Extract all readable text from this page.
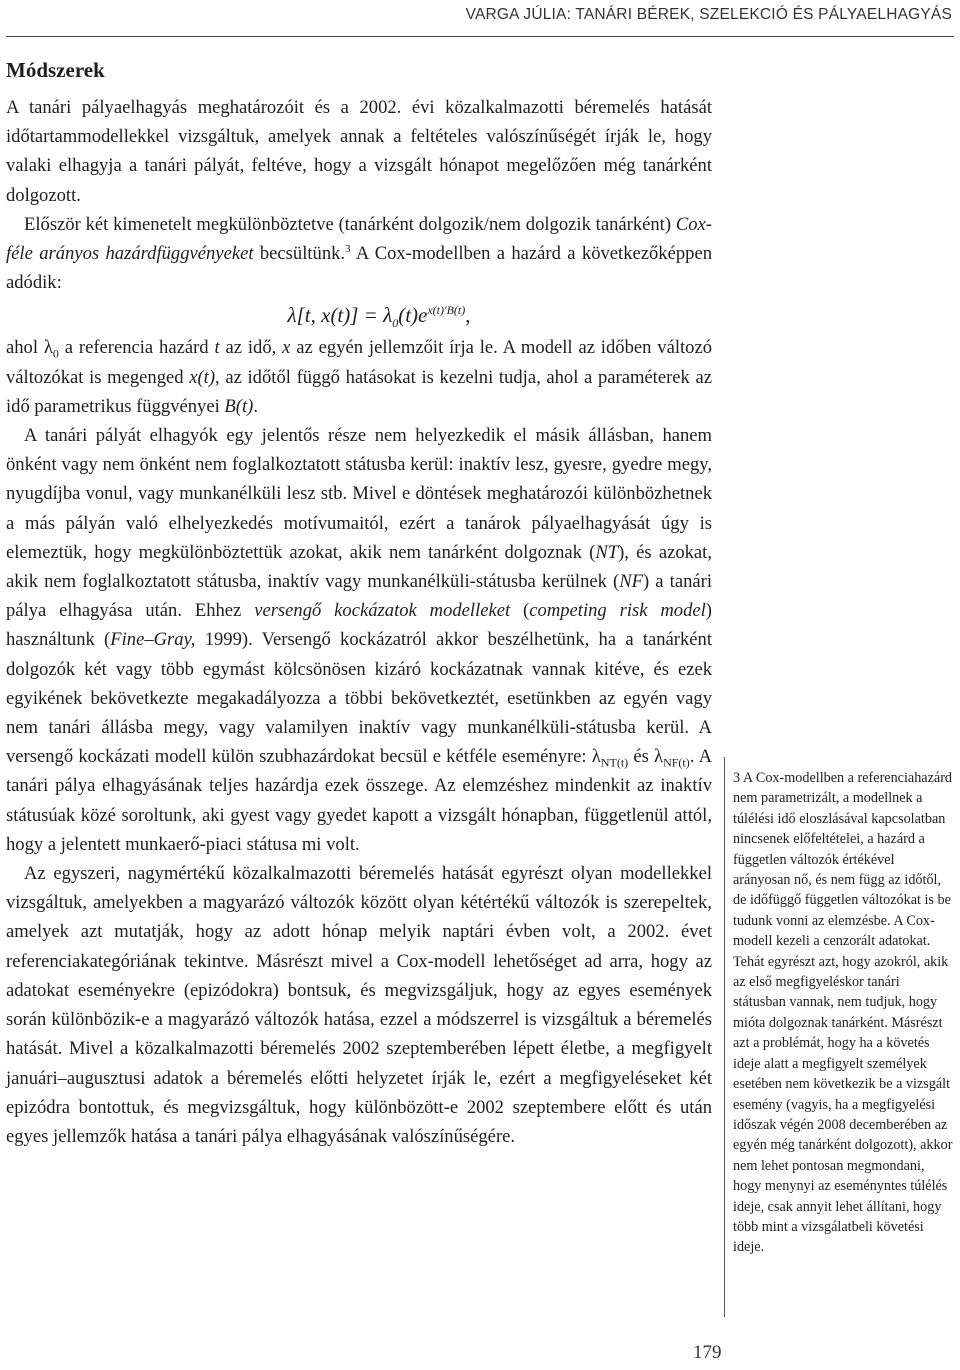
VARGA JÚLIA: TANÁRI BÉREK, SZELEKCIÓ ÉS PÁLYAELHAGYÁS
Módszerek

A tanári pályaelhagyás meghatározóit és a 2002. évi közalkalmazotti béremelés hatását időtartammodellekkel vizsgáltuk, amelyek annak a feltételes valószínűségét írják le, hogy valaki elhagyja a tanári pályát, feltéve, hogy a vizsgált hónapot megelőzően még tanárként dolgozott.

Először két kimenetelt megkülönböztetve (tanárként dolgozik/nem dolgozik tanárként) Cox-féle arányos hazárdfüggvényeket becsültünk.$^3$ A Cox-modellben a hazárd a következőképpen adódik:

λ[t, $x(t)] = \lambda_0(t)e^{x(t)'B(t)}$,

ahol $\lambda_0$ a referencia hazárd t az idő, x az egyén jellemzőit írja le. A modell az időben változó változókat is megenged x(t), az időtől függő hatásokat is kezelni tudja, ahol a paraméterek az idő parametrikus függvényei B(t).

A tanári pályát elhagyók egy jelentős része nem helyezkedik el másik állásban, hanem önként vagy nem önként nem foglalkoztatott státusba kerül: inaktív lesz, gyesre, gyedre megy, nyugdíjba vonul, vagy munkanélküli lesz stb. Mivel e döntések meghatározói különbözhetnek a más pályán való elhelyezkedés motívumaitól, ezért a tanárok pályaelhagyását úgy is elemeztük, hogy megkülönböztettük azokat, akik nem tanárként dolgoznak (NT), és azokat, akik nem foglalkoztatott státusba, inaktív vagy munkanélküli-státusba kerülnek (NF) a tanári pálya elhagyása után. Ehhez versengő kockázatok modelleket (competing risk model) használtunk (Fine–Gray, 1999). Versengő kockázatról akkor beszélhetünk, ha a tanárként dolgozók két vagy több egymást kölcsönösen kizáró kockázatnak vannak kitéve, és ezek egyikének bekövetkezte megakadályozza a többi bekövetkeztét, esetünkben az egyén vagy nem tanári állásba megy, vagy valamilyen inaktív vagy munkanélküli-státusba kerül. A versengő kockázati modell külön szubhazárdokat becsül e kétféle eseményre: $\lambda_{NT(t)}$ és $\lambda_{NF(t)}$. A tanári pálya elhagyásának teljes hazárdja ezek összege. Az elemzéshez mindenkit az inaktív státusúak közé soroltunk, aki gyest vagy gyedet kapott a vizsgált hónapban, függetlenül attól, hogy a jelentett munkaerő-piaci státusa mi volt.

Az egyszeri, nagymértékű közalkalmazotti béremelés hatását egyrészt olyan modellekkel vizsgáltuk, amelyekben a magyarázó változók között olyan kétértékű változók is szerepeltek, amelyek azt mutatják, hogy az adott hónap melyik naptári évben volt, a 2002. évet referenciakategóriának tekintve. Másrészt mivel a Cox-modell lehetőséget ad arra, hogy az adatokat eseményekre (epizódokra) bontsuk, és megvizsgáljuk, hogy az egyes események során különbözik-e a magyarázó változók hatása, ezzel a módszerrel is vizsgáltuk a béremelés hatását. Mivel a közalkalmazotti béremelés 2002 szeptemberében lépett életbe, a megfigyelt januári–augusztusi adatok a béremelés előtti helyzetet írják le, ezért a megfigyeléseket két epizódra bontottuk, és megvizsgáltuk, hogy különbözött-e 2002 szeptembere előtt és után egyes jellemzők hatása a tanári pálya elhagyásának valószínűségére.

3 A Cox-modellben a referenciahazárd nem parametrizált, a modellnek a túlélési idő eloszlásával kapcsolatban nincsenek előfeltételei, a hazárd a független változók értékével arányosan nő, és nem függ az időtől, de időfüggő független változókat is be tudunk vonni az elemzésbe. A Cox-modell kezeli a cenzorált adatokat. Tehát egyrészt azt, hogy azokról, akik az első megfigyeléskor tanári státusban vannak, nem tudjuk, hogy mióta dolgoznak tanárként. Másrészt azt a problémát, hogy ha a követés ideje alatt a megfigyelt személyek esetében nem következik be a vizsgált esemény (vagyis, ha a megfigyelési időszak végén 2008 decemberében az egyén még tanárként dolgozott), akkor nem lehet pontosan megmondani, hogy menynyi az eseményntes túlélés ideje, csak annyit lehet állítani, hogy több mint a vizsgálatbeli követési ideje.
179
